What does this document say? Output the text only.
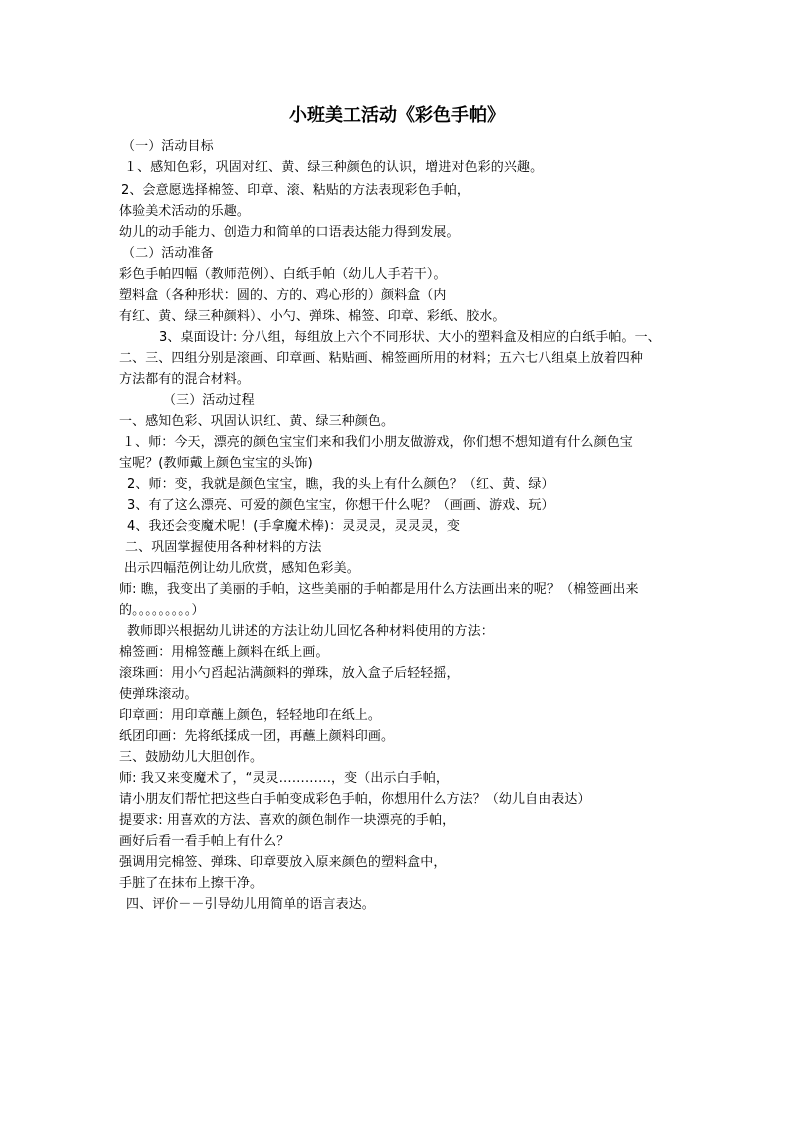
小班美工活动《彩色手帕》
（一）活动目标
１、感知色彩，巩固对红、黄、绿三种颜色的认识，增进对色彩的兴趣。
2、会意愿选择棉签、印章、滚、粘贴的方法表现彩色手帕，
体验美术活动的乐趣。
幼儿的动手能力、创造力和简单的口语表达能力得到发展。
（二）活动准备
彩色手帕四幅（教师范例）、白纸手帕（幼儿人手若干）。
塑料盒（各种形状：圆的、方的、鸡心形的）颜料盒（内
有红、黄、绿三种颜料）、小勺、弹珠、棉签、印章、彩纸、胶水。
3、桌面设计: 分八组，每组放上六个不同形状、大小的塑料盒及相应的白纸手帕。一、
二、三、四组分别是滚画、印章画、粘贴画、棉签画所用的材料；五六七八组桌上放着四种
方法都有的混合材料。
（三）活动过程
一、感知色彩、巩固认识红、黄、绿三种颜色。
１、师：今天，漂亮的颜色宝宝们来和我们小朋友做游戏，你们想不想知道有什么颜色宝
宝呢？(教师戴上颜色宝宝的头饰)
2、师：变，我就是颜色宝宝，瞧，我的头上有什么颜色？（红、黄、绿）
3、有了这么漂亮、可爱的颜色宝宝，你想干什么呢？（画画、游戏、玩）
4、我还会变魔术呢！(手拿魔术棒)：灵灵灵，灵灵灵，变
二、巩固掌握使用各种材料的方法
出示四幅范例让幼儿欣赏，感知色彩美。
师: 瞧，我变出了美丽的手帕，这些美丽的手帕都是用什么方法画出来的呢？（棉签画出来
的。。。。。。。。。）
教师即兴根据幼儿讲述的方法让幼儿回忆各种材料使用的方法：
棉签画：用棉签蘸上颜料在纸上画。
滚珠画：用小勺舀起沾满颜料的弹珠，放入盒子后轻轻摇，
使弹珠滚动。
印章画：用印章蘸上颜色，轻轻地印在纸上。
纸团印画：先将纸揉成一团，再蘸上颜料印画。
三、鼓励幼儿大胆创作。
师: 我又来变魔术了，“灵灵…………，变（出示白手帕，
请小朋友们帮忙把这些白手帕变成彩色手帕，你想用什么方法？（幼儿自由表达）
提要求: 用喜欢的方法、喜欢的颜色制作一块漂亮的手帕，
画好后看一看手帕上有什么？
强调用完棉签、弹珠、印章要放入原来颜色的塑料盒中，
手脏了在抹布上擦干净。
四、评价－－引导幼儿用简单的语言表达。
